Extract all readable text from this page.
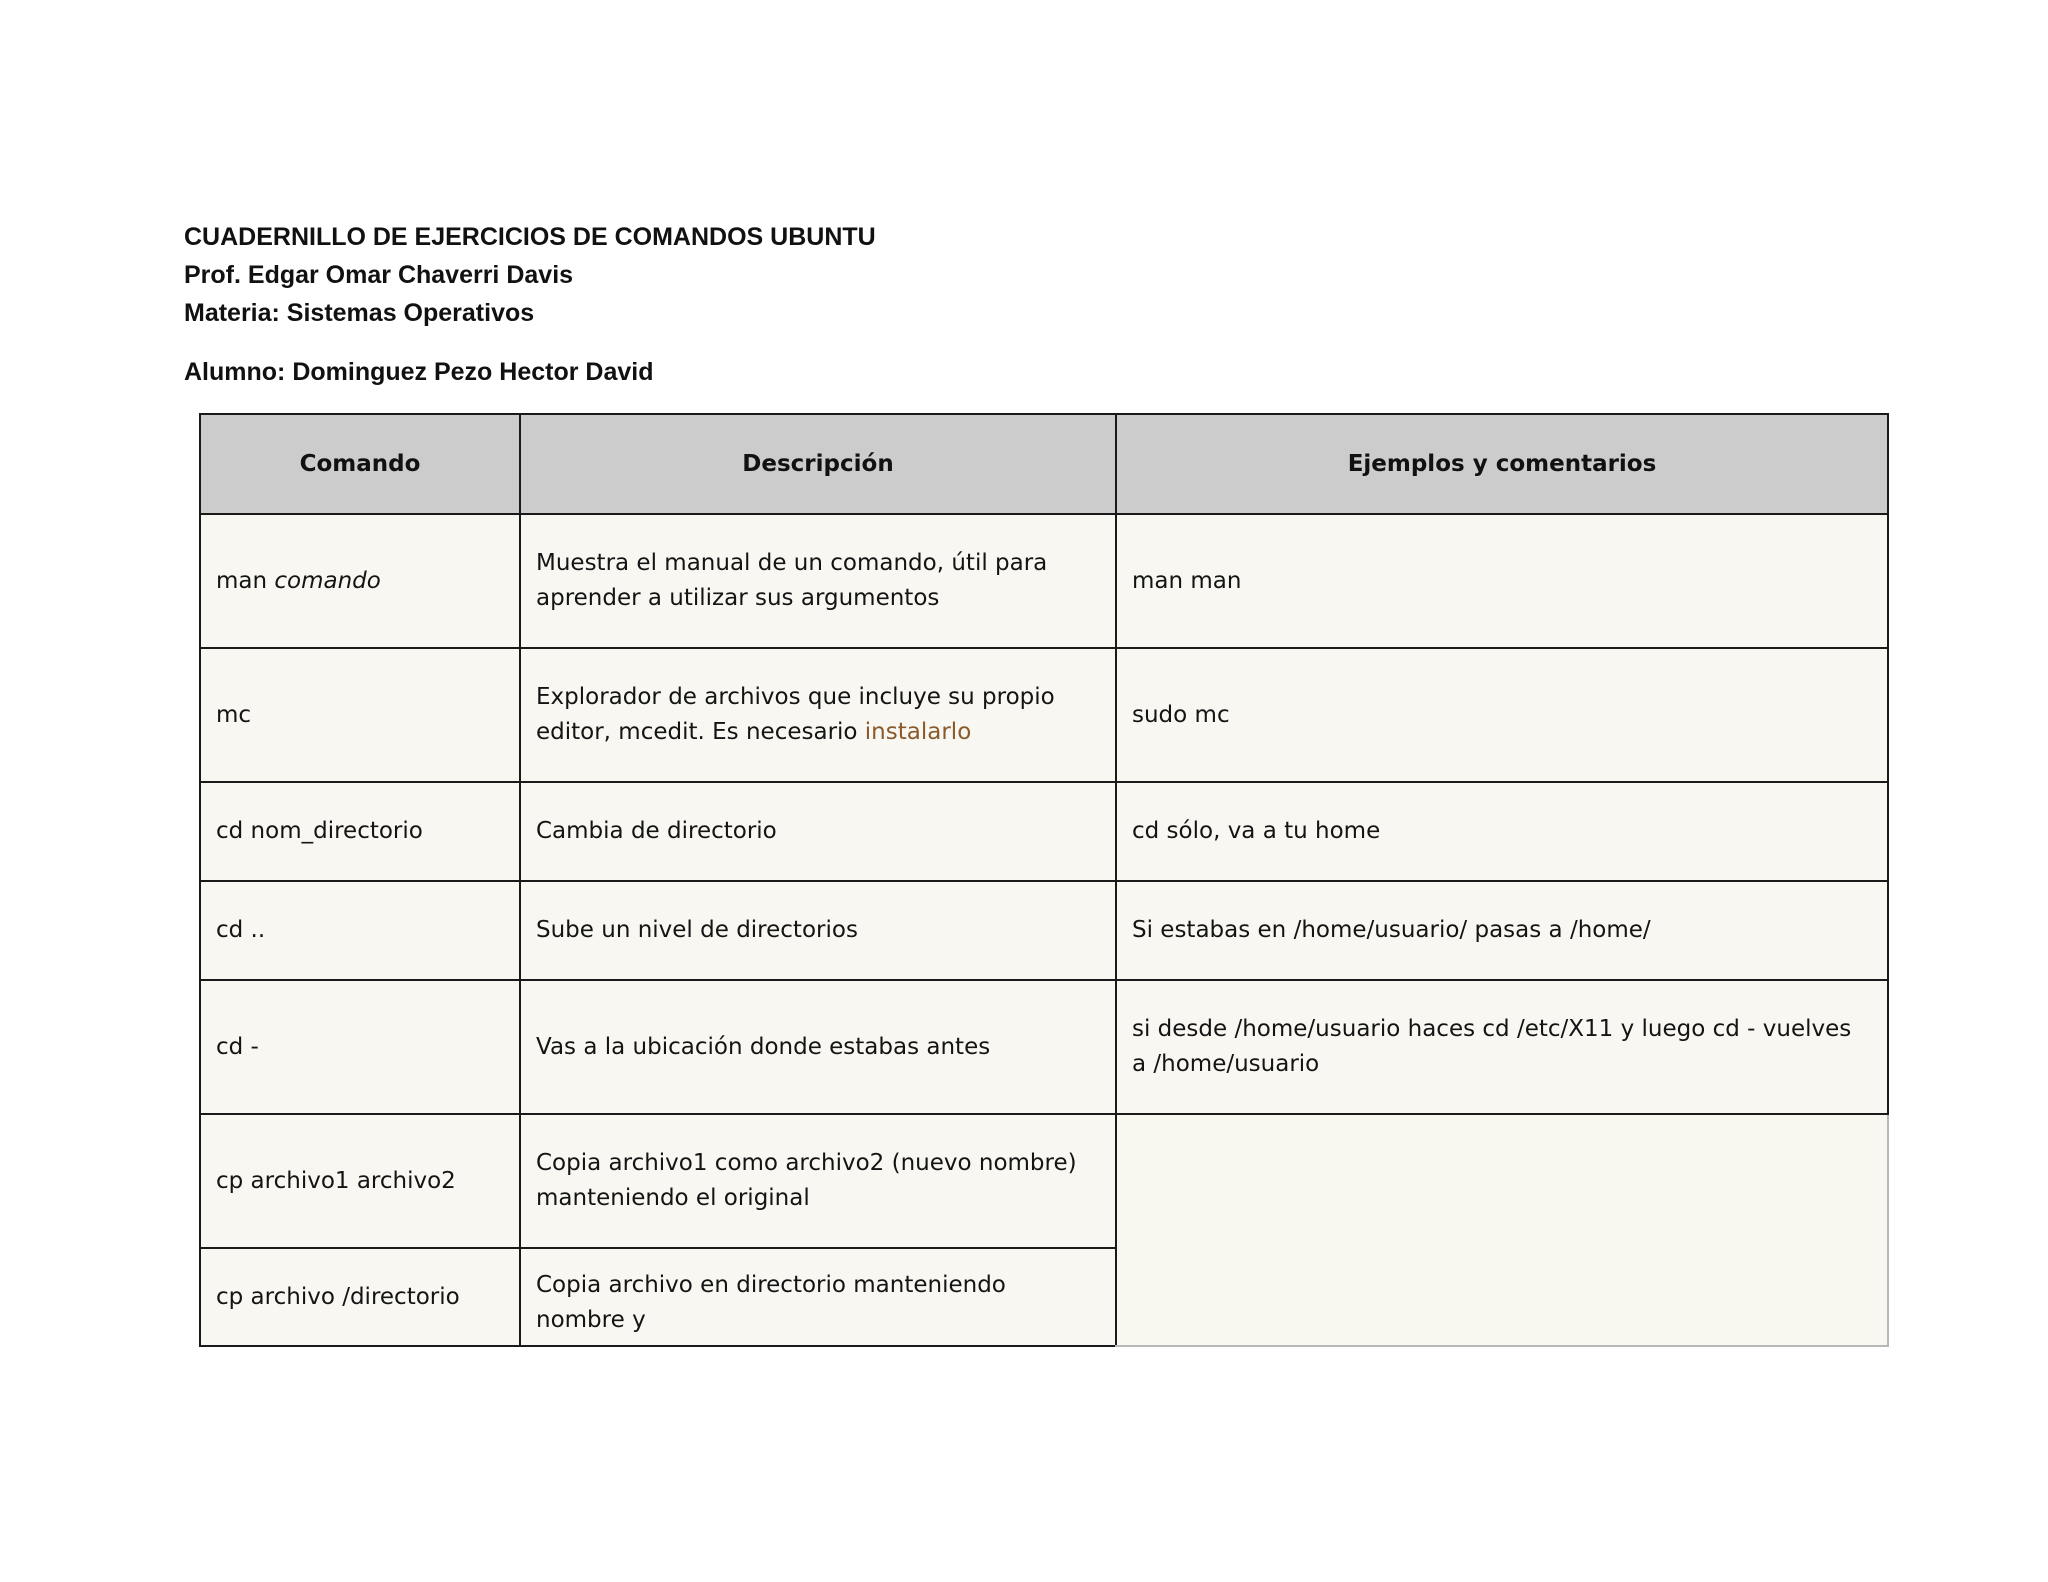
CUADERNILLO DE EJERCICIOS DE COMANDOS UBUNTU
Prof. Edgar Omar Chaverri Davis
Materia: Sistemas Operativos
Alumno: Dominguez Pezo Hector David
Comando	Descripción	Ejemplos y comentarios
man comando	Muestra el manual de un comando, útil para aprender a utilizar sus argumentos	man man
mc	Explorador de archivos que incluye su propio editor, mcedit. Es necesario instalarlo	sudo mc
cd nom_directorio	Cambia de directorio	cd sólo, va a tu home
cd ..	Sube un nivel de directorios	Si estabas en /home/usuario/ pasas a /home/
cd -	Vas a la ubicación donde estabas antes	si desde /home/usuario haces cd /etc/X11 y luego cd - vuelves a /home/usuario
cp archivo1 archivo2	Copia archivo1 como archivo2 (nuevo nombre) manteniendo el original	
cp archivo /directorio	Copia archivo en directorio manteniendo nombre y	
